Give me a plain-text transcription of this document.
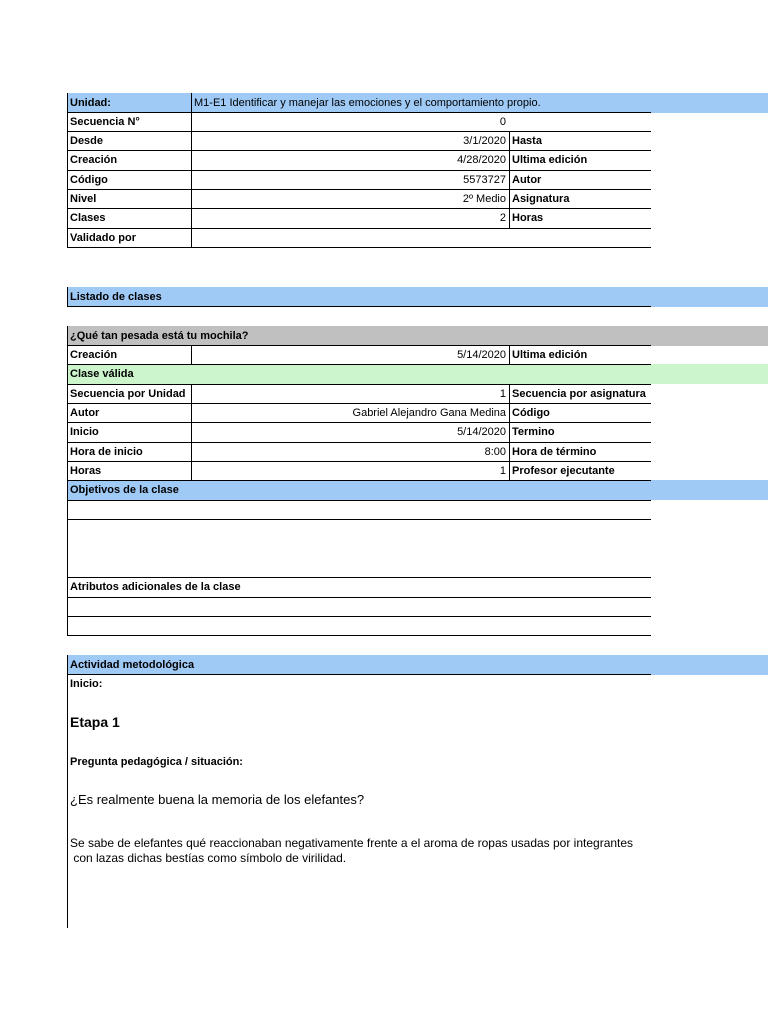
Unidad:	M1-E1 Identificar y manejar las emociones y el comportamiento propio.
Secuencia N°	0
Desde	3/1/2020 Hasta
Creación	4/28/2020 Ultima edición
Código	5573727 Autor
Nivel	2º Medio Asignatura
Clases	2 Horas
Validado por
Listado de clases
¿Qué tan pesada está tu mochila?
Creación	5/14/2020 Ultima edición
Clase válida
Secuencia por Unidad	1 Secuencia por asignatura
Autor	Gabriel Alejandro Gana Medina Código
Inicio	5/14/2020 Termino
Hora de inicio	8:00 Hora de término
Horas	1 Profesor ejecutante
Objetivos de la clase
Atributos adicionales de la clase
Actividad metodológica
Inicio:
Etapa 1
Pregunta pedagógica / situación:
¿Es realmente buena la memoria de los elefantes?
Se sabe de elefantes qué reaccionaban negativamente frente a el aroma de ropas usadas por integrantes
con lazas dichas bestías como símbolo de virilidad.
